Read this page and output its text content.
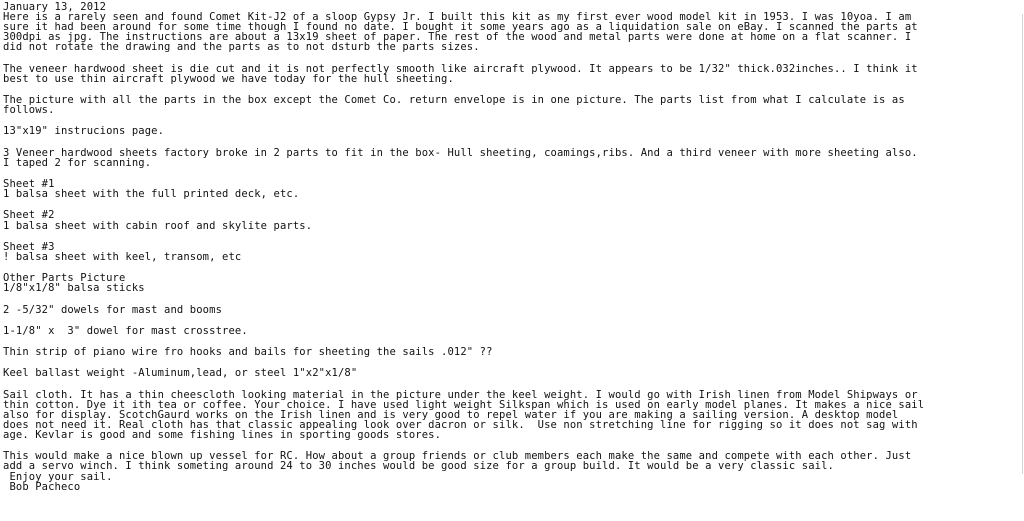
January 13, 2012
Here is a rarely seen and found Comet Kit-J2 of a sloop Gypsy Jr. I built this kit as my first ever wood model kit in 1953. I was 10yoa. I am
sure it had been around for some time though I found no date. I bought it some years ago as a liquidation sale on eBay. I scanned the parts at
300dpi as jpg. The instructions are about a 13x19 sheet of paper. The rest of the wood and metal parts were done at home on a flat scanner. I
did not rotate the drawing and the parts as to not dsturb the parts sizes.
The veneer hardwood sheet is die cut and it is not perfectly smooth like aircraft plywood. It appears to be 1/32" thick.032inches.. I think it
best to use thin aircraft plywood we have today for the hull sheeting.
The picture with all the parts in the box except the Comet Co. return envelope is in one picture. The parts list from what I calculate is as
follows.
13"x19" instrucions page.
3 Veneer hardwood sheets factory broke in 2 parts to fit in the box- Hull sheeting, coamings,ribs. And a third veneer with more sheeting also.
I taped 2 for scanning.
Sheet #1
1 balsa sheet with the full printed deck, etc.
Sheet #2
1 balsa sheet with cabin roof and skylite parts.
Sheet #3
! balsa sheet with keel, transom, etc
Other Parts Picture
1/8"x1/8" balsa sticks
2 -5/32" dowels for mast and booms
1-1/8" x  3" dowel for mast crosstree.
Thin strip of piano wire fro hooks and bails for sheeting the sails .012" ??
Keel ballast weight -Aluminum,lead, or steel 1"x2"x1/8"
Sail cloth. It has a thin cheescloth looking material in the picture under the keel weight. I would go with Irish linen from Model Shipways or
thin cotton. Dye it ith tea or coffee. Your choice. I have used light weight Silkspan which is used on early model planes. It makes a nice sail
also for display. ScotchGaurd works on the Irish linen and is very good to repel water if you are making a sailing version. A desktop model
does not need it. Real cloth has that classic appealing look over dacron or silk.  Use non stretching line for rigging so it does not sag with
age. Kevlar is good and some fishing lines in sporting goods stores.
This would make a nice blown up vessel for RC. How about a group friends or club members each make the same and compete with each other. Just
add a servo winch. I think someting around 24 to 30 inches would be good size for a group build. It would be a very classic sail.
Enjoy your sail.
Bob Pacheco
